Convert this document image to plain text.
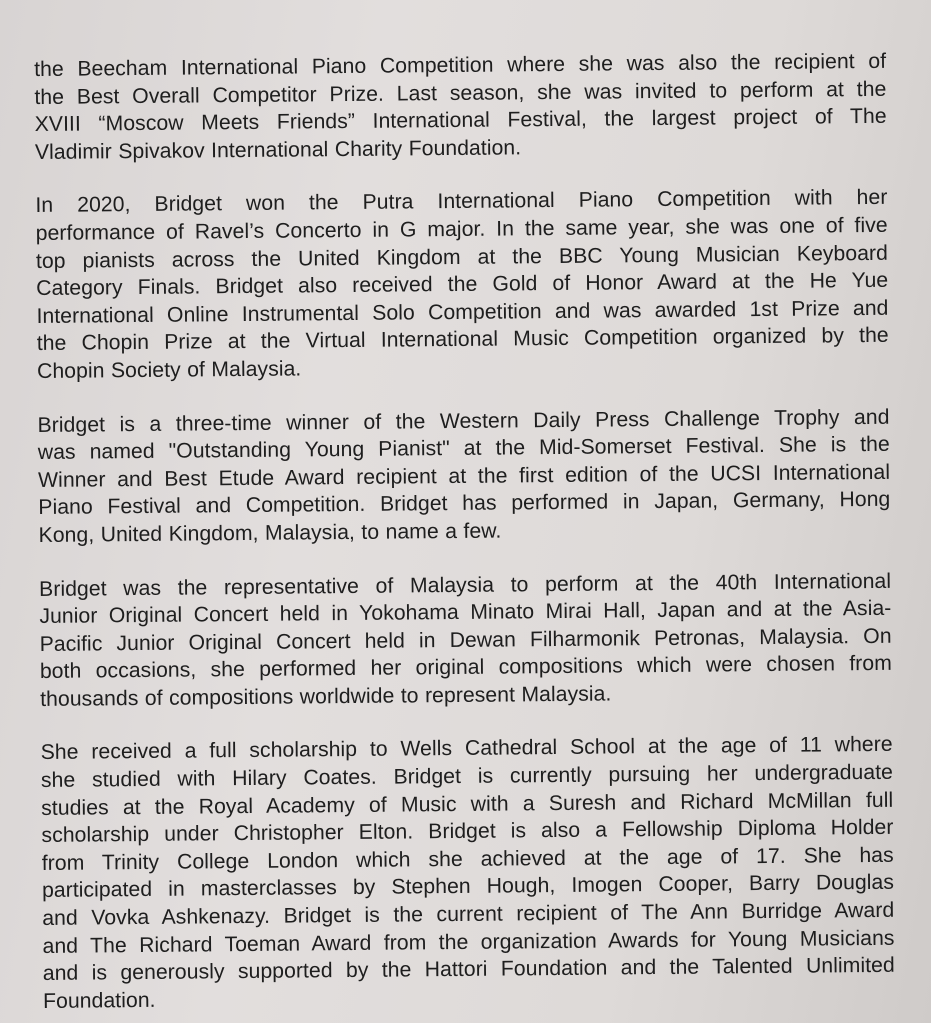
the Beecham International Piano Competition where she was also the recipient of
the Best Overall Competitor Prize. Last season, she was invited to perform at the
XVIII “Moscow Meets Friends” International Festival, the largest project of The
Vladimir Spivakov International Charity Foundation.

In 2020, Bridget won the Putra International Piano Competition with her
performance of Ravel’s Concerto in G major. In the same year, she was one of five
top pianists across the United Kingdom at the BBC Young Musician Keyboard
Category Finals. Bridget also received the Gold of Honor Award at the He Yue
International Online Instrumental Solo Competition and was awarded 1st Prize and
the Chopin Prize at the Virtual International Music Competition organized by the
Chopin Society of Malaysia.

Bridget is a three-time winner of the Western Daily Press Challenge Trophy and
was named "Outstanding Young Pianist" at the Mid-Somerset Festival. She is the
Winner and Best Etude Award recipient at the first edition of the UCSI International
Piano Festival and Competition. Bridget has performed in Japan, Germany, Hong
Kong, United Kingdom, Malaysia, to name a few.

Bridget was the representative of Malaysia to perform at the 40th International
Junior Original Concert held in Yokohama Minato Mirai Hall, Japan and at the Asia-
Pacific Junior Original Concert held in Dewan Filharmonik Petronas, Malaysia. On
both occasions, she performed her original compositions which were chosen from
thousands of compositions worldwide to represent Malaysia.

She received a full scholarship to Wells Cathedral School at the age of 11 where
she studied with Hilary Coates. Bridget is currently pursuing her undergraduate
studies at the Royal Academy of Music with a Suresh and Richard McMillan full
scholarship under Christopher Elton. Bridget is also a Fellowship Diploma Holder
from Trinity College London which she achieved at the age of 17. She has
participated in masterclasses by Stephen Hough, Imogen Cooper, Barry Douglas
and Vovka Ashkenazy. Bridget is the current recipient of The Ann Burridge Award
and The Richard Toeman Award from the organization Awards for Young Musicians
and is generously supported by the Hattori Foundation and the Talented Unlimited
Foundation.
